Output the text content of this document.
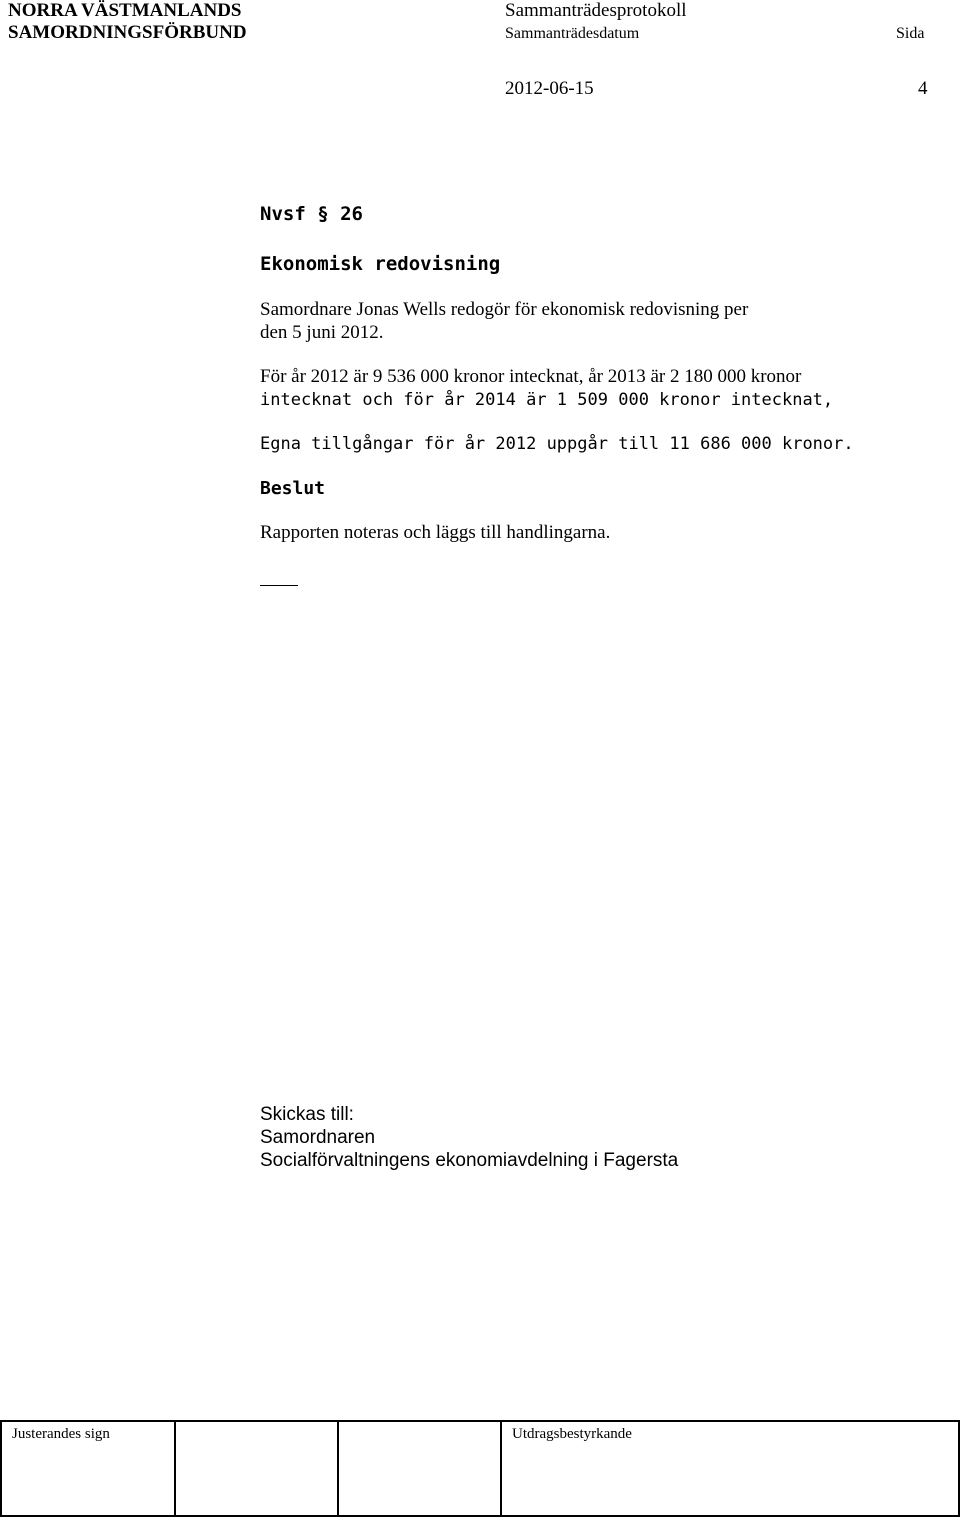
NORRA VÄSTMANLANDS
SAMORDNINGSFÖRBUND
Sammanträdesprotokoll
Sammanträdesdatum	Sida
2012-06-15	4
Nvsf § 26
Ekonomisk redovisning
Samordnare Jonas Wells redogör för ekonomisk redovisning per
den 5 juni 2012.
För år 2012 är 9 536 000 kronor intecknat, år 2013 är 2 180 000 kronor
intecknat och för år 2014 är 1 509 000 kronor intecknat,
Egna tillgångar för år 2012 uppgår till 11 686 000 kronor.
Beslut
Rapporten noteras och läggs till handlingarna.
Skickas till:
Samordnaren
Socialförvaltningens ekonomiavdelning i Fagersta
Justerandes sign			Utdragsbestyrkande
